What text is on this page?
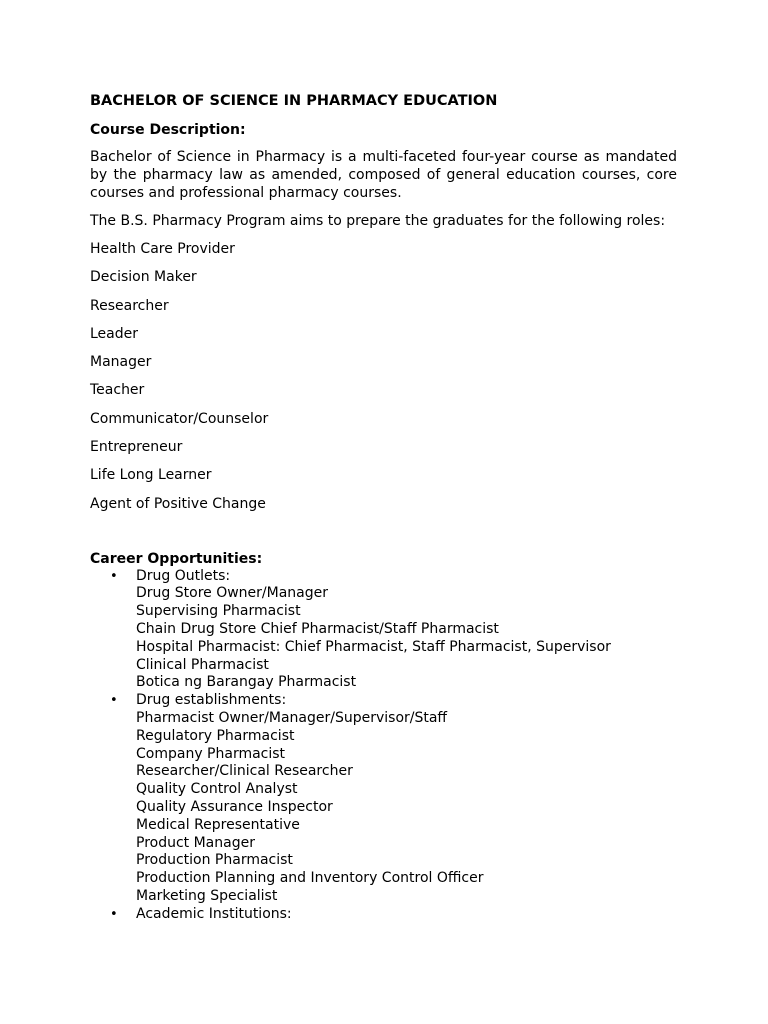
BACHELOR OF SCIENCE IN PHARMACY EDUCATION
Course Description:
Bachelor of Science in Pharmacy is a multi-faceted four-year course as mandated by the pharmacy law as amended, composed of general education courses, core courses and professional pharmacy courses.
The B.S. Pharmacy Program aims to prepare the graduates for the following roles:
Health Care Provider
Decision Maker
Researcher
Leader
Manager
Teacher
Communicator/Counselor
Entrepreneur
Life Long Learner
Agent of Positive Change
Career Opportunities:
• Drug Outlets:
Drug Store Owner/Manager
Supervising Pharmacist
Chain Drug Store Chief Pharmacist/Staff Pharmacist
Hospital Pharmacist: Chief Pharmacist, Staff Pharmacist, Supervisor
Clinical Pharmacist
Botica ng Barangay Pharmacist
• Drug establishments:
Pharmacist Owner/Manager/Supervisor/Staff
Regulatory Pharmacist
Company Pharmacist
Researcher/Clinical Researcher
Quality Control Analyst
Quality Assurance Inspector
Medical Representative
Product Manager
Production Pharmacist
Production Planning and Inventory Control Officer
Marketing Specialist
• Academic Institutions:
